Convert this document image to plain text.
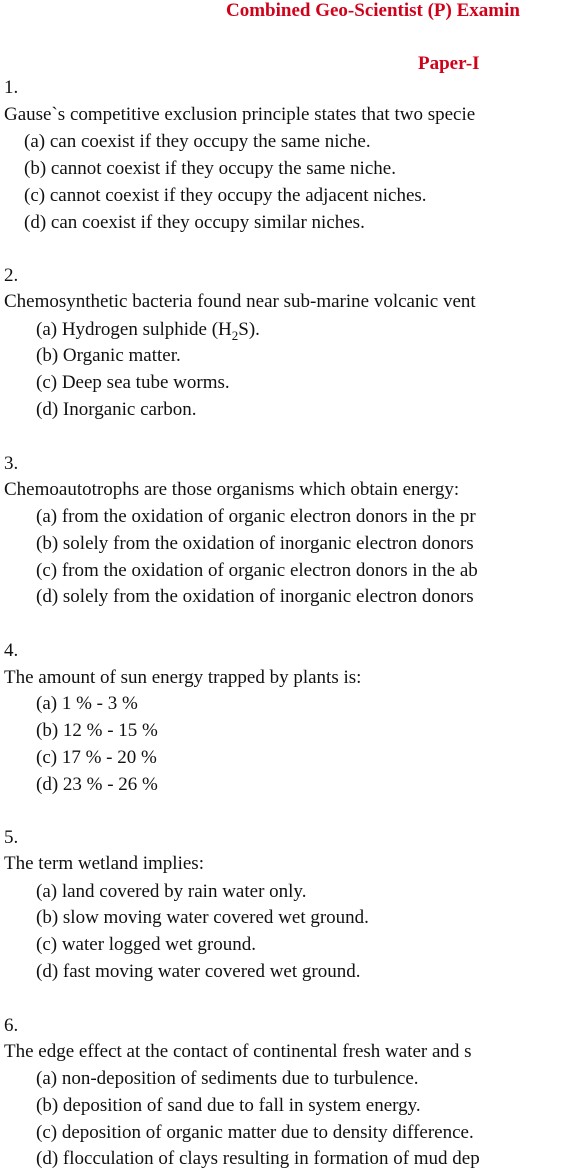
Combined Geo-Scientist (P) Examin
Paper-I
1.
Gause`s competitive exclusion principle states that two specie
(a) can coexist if they occupy the same niche.
(b) cannot coexist if they occupy the same niche.
(c) cannot coexist if they occupy the adjacent niches.
(d) can coexist if they occupy similar niches.
2.
Chemosynthetic bacteria found near sub-marine volcanic vent
(a) Hydrogen sulphide $(H_2S)$.
(b) Organic matter.
(c) Deep sea tube worms.
(d) Inorganic carbon.
3.
Chemoautotrophs are those organisms which obtain energy:
(a) from the oxidation of organic electron donors in the pr
(b) solely from the oxidation of inorganic electron donors
(c) from the oxidation of organic electron donors in the ab
(d) solely from the oxidation of inorganic electron donors
4.
The amount of sun energy trapped by plants is:
(a) 1 % - 3 %
(b) 12 % - 15 %
(c) 17 % - 20 %
(d) 23 % - 26 %
5.
The term wetland implies:
(a) land covered by rain water only.
(b) slow moving water covered wet ground.
(c) water logged wet ground.
(d) fast moving water covered wet ground.
6.
The edge effect at the contact of continental fresh water and s
(a) non-deposition of sediments due to turbulence.
(b) deposition of sand due to fall in system energy.
(c) deposition of organic matter due to density difference.
(d) flocculation of clays resulting in formation of mud dep
